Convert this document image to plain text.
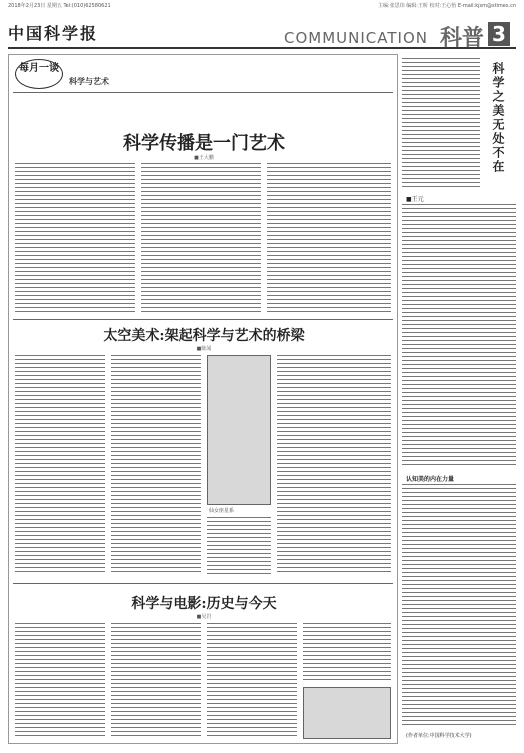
2018年2月23日 星期五 Tel:(010)62580621	主编:张思玮 编辑:王昕 校对:王心怡 E-mail:kjsm@stimes.cn
中国科学报	COMMUNICATION 科普 3
每月一谈
科学与艺术
科学传播是一门艺术
■王大鹏
太空美术:架起科学与艺术的桥梁
■陈闻
仙女座星系
科学与电影:历史与今天
■吴岩
科学之美无处不在
■王元
认知美的内在力量
(作者单位:中国科学技术大学)
